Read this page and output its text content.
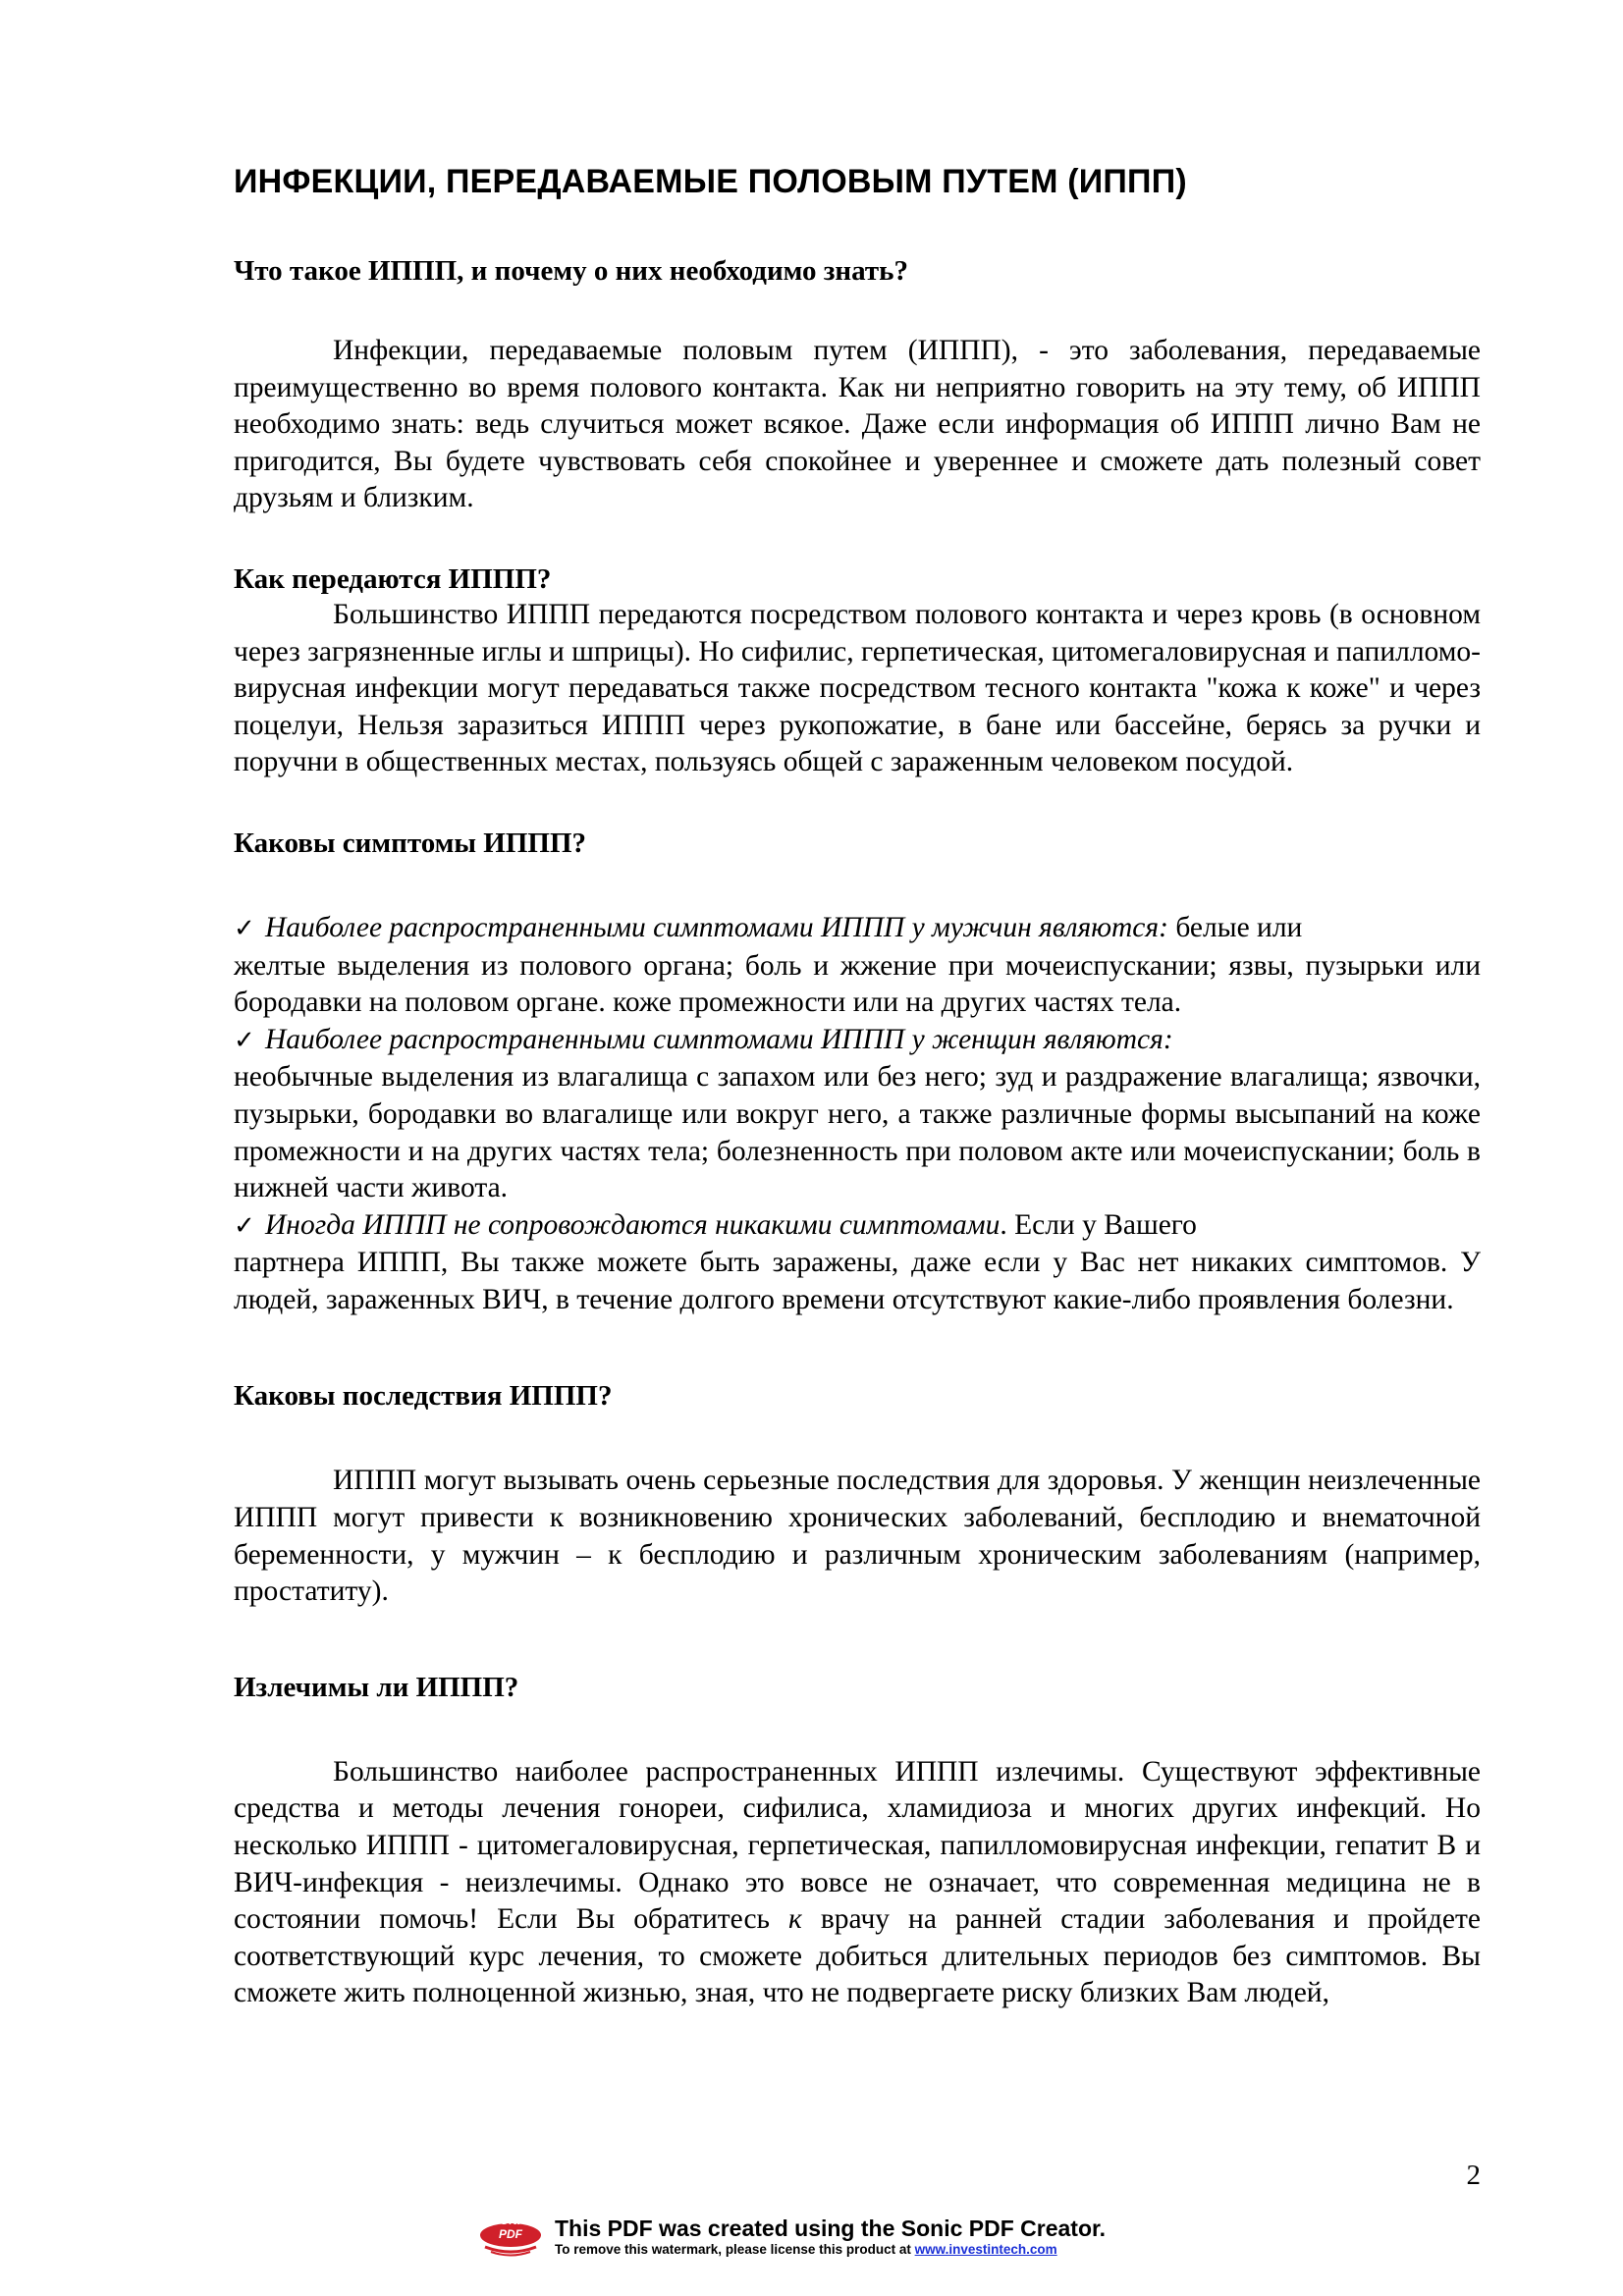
ИНФЕКЦИИ, ПЕРЕДАВАЕМЫЕ ПОЛОВЫМ ПУТЕМ (ИППП)
Что такое ИППП, и почему о них необходимо знать?

Инфекции, передаваемые половым путем (ИППП), - это заболевания, передаваемые преимущественно во время полового контакта. Как ни неприятно говорить на эту тему, об ИППП необходимо знать: ведь случиться может всякое. Даже если информация об ИППП лично Вам не пригодится, Вы будете чувствовать себя спокойнее и увереннее и сможете дать полезный совет друзьям и близким.

Как передаются ИППП?

Большинство ИППП передаются посредством полового контакта и через кровь (в основном через загрязненные иглы и шприцы). Но сифилис, герпетическая, цитомегаловирусная и папилломо-вирусная инфекции могут передаваться также посредством тесного контакта "кожа к коже" и через поцелуи, Нельзя заразиться ИППП через рукопожатие, в бане или бассейне, берясь за ручки и поручни в общественных местах, пользуясь общей с зараженным человеком посудой.

Каковы симптомы ИППП?

✓ Наиболее распространенными симптомами ИППП у мужчин являются: белые или

желтые выделения из полового органа; боль и жжение при мочеиспускании; язвы, пузырьки или бородавки на половом органе. коже промежности или на других частях тела.

✓ Наиболее распространенными симптомами ИППП у женщин являются:

необычные выделения из влагалища с запахом или без него; зуд и раздражение влагалища; язвочки, пузырьки, бородавки во влагалище или вокруг него, а также различные формы высыпаний на коже промежности и на других частях тела; болезненность при половом акте или мочеиспускании; боль в нижней части живота.

✓ Иногда ИППП не сопровождаются никакими симптомами. Если у Вашего

партнера ИППП, Вы также можете быть заражены, даже если у Вас нет никаких симптомов. У людей, зараженных ВИЧ, в течение долгого времени отсутствуют какие-либо проявления болезни.

Каковы последствия ИППП?

ИППП могут вызывать очень серьезные последствия для здоровья. У женщин неизлеченные ИППП могут привести к возникновению хронических заболеваний, бесплодию и внематочной беременности, у мужчин – к бесплодию и различным хроническим заболеваниям (например, простатиту).

Излечимы ли ИППП?

Большинство наиболее распространенных ИППП излечимы. Существуют эффективные средства и методы лечения гонореи, сифилиса, хламидиоза и многих других инфекций. Но несколько ИППП - цитомегаловирусная, герпетическая, папилломовирусная инфекции, гепатит В и ВИЧ-инфекция - неизлечимы. Однако это вовсе не означает, что современная медицина не в состоянии помочь! Если Вы обратитесь к врачу на ранней стадии заболевания и пройдете соответствующий курс лечения, то сможете добиться длительных периодов без симптомов. Вы сможете жить полноценной жизнью, зная, что не подвергаете риску близких Вам людей,

2
SONIC PDF	This PDF was created using the Sonic PDF Creator.
To remove this watermark, please license this product at www.investintech.com
